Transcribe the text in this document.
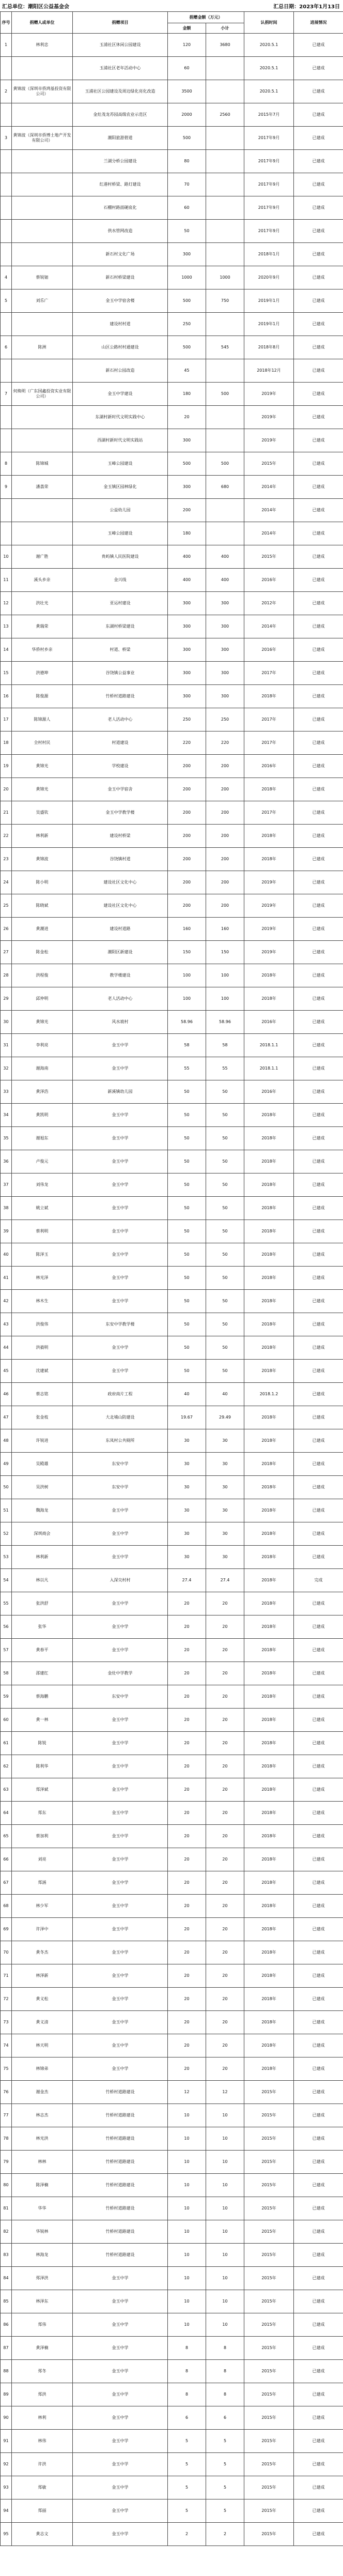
汇总单位：潮阳区公益基金会	汇总日期：2023年1月13日
序号	捐赠人或单位	捐赠项目	捐赠金额（万元）		认捐时间	进展情况
			金额	小计		
1	林利忠	玉浦社区休闲公园建设	120	3680	2020.5.1	已建成
		玉浦社区老年活动中心	60		2020.5.1	已建成
2	黄锦波（深圳市侨鸿基投资有限公司）	玉浦社区公园建设及周边绿化亮化改造	3500		2020.5.1	已建成
		金灶茂龙苏园高级农业示范区	2000	2560	2015年7月	已建成
3	黄锦波（深圳市侨博土地产开发有限公司）	潮阳旅游碧道	500		2017年9月	已建成
		兰湖分桥公园建设	80		2017年9月	已建成
		红港村桥梁、路灯建设	70		2017年9月	已建成
		石棚村路面硬底化	60		2017年9月	已建成
		供水管网改造	50		2017年9月	已建成
		新石村文化广场	300		2018年1月	已建成
4	蔡锐钿	新石村桥梁建设	1000	1000	2020年9月	已建成
5	刘乐广	金玉中学宿舍楼	500	750	2019年1月	已建成
		建设村村道	250		2019年1月	已建成
6	陈洲	山区公路村村通建设	500	545	2018年8月	已建成
		新石村公园改造	45		2018年12月	已建成
7	何焕明（广东国鑫投资实业有限公司）	金玉中学建设	180	500	2019年	已建成
		东湖村新时代文明实践中心	20		2019年	已建成
		西湖村新时代文明实践站	300		2019年	已建成
8	陈锦城	玉峰公园建设	500	500	2015年	已建成
9	潘荔荣	金玉镇区园林绿化	300	680	2014年	已建成
		公益幼儿园	200		2014年	已建成
		玉峰公园建设	180		2014年	已建成
10	谢广胜	贵屿镇人民医院建设	400	400	2015年	已建成
11	溪头乡亲	金兴线	400	400	2016年	已建成
12	洪壮光	亚运村建设	300	300	2012年	已建成
13	黄瑞荣	东湖村桥梁建设	300	300	2014年	已建成
14	华侨村乡亲	村道、桥梁	300	300	2016年	已建成
15	洪德坤	谷饶镇公益事业	300	300	2017年	已建成
16	陈俊源	竹桥村道路建设	300	300	2018年	已建成
17	陈锦源人	老人活动中心	250	250	2017年	已建成
18	全村村民	村道建设	220	220	2017年	已建成
19	黄锦光	学校建设	200	200	2016年	已建成
20	黄锦光	金玉中学宿舍	200	200	2018年	已建成
21	吴盛钦	金玉中学教学楼	200	200	2017年	已建成
22	林利新	建设村桥梁	200	200	2018年	已建成
23	黄锦波	谷饶镇村道	200	200	2018年	已建成
24	陈小明	建设社区文化中心	200	200	2019年	已建成
25	陈晓斌	建设社区文化中心	200	200	2019年	已建成
26	黄潮进	建设村道路	160	160	2019年	已建成
27	陈金松	潮阳区新建设	150	150	2019年	已建成
28	洪程俊	教学楼建设	100	100	2018年	已建成
29	邱仲明	老人活动中心	100	100	2018年	已建成
30	黄锦光	风水坡村	58.96	58.96	2016年	已建成
31	李利亮	金玉中学	58	58	2018.1.1	已建成
32	谢海南	金玉中学	55	55	2018.1.1	已建成
33	黄泽浩	新溪镇幼儿园	50	50	2016年	已建成
34	黄凯明	金玉中学	50	50	2018年	已建成
35	谢旭东	金玉中学	50	50	2018年	已建成
36	卢俊元	金玉中学	50	50	2018年	已建成
37	刘伟龙	金玉中学	50	50	2018年	已建成
38	姚立斌	金玉中学	50	50	2018年	已建成
39	蔡利明	金玉中学	50	50	2018年	已建成
40	陈泽玉	金玉中学	50	50	2018年	已建成
41	林光泽	金玉中学	50	50	2018年	已建成
42	林木生	金玉中学	50	50	2018年	已建成
43	洪俊伟	东安中学教学楼	50	50	2018年	已建成
44	洪毅明	金玉中学	50	50	2018年	已建成
45	沈建斌	金玉中学	50	50	2018年	已建成
46	蔡志铭	政府南片工程	40	40	2018.1.2	已建成
47	张金枝	大北埔山防建设	19.67	29.49	2018年	已建成
48	许锐进	东凤村公共厕所	30	30	2018年	已建成
49	吴殿雄	东安中学	30	30	2018年	已建成
50	吴洪树	东安中学	30	30	2018年	已建成
51	魏海龙	金玉中学	30	30	2018年	已建成
52	深圳商会	金玉中学	30	30	2018年	已建成
53	林利新	金玉中学	30	30	2018年	已建成
54	林以凡	入深尖村村	27.4	27.4	2018年	完成
55	张洪舒	金玉中学	20	20	2018年	已建成
56	张华	金玉中学	20	20	2018年	已建成
57	黄春平	金玉中学	20	20	2018年	已建成
58	邵建红	金灶中学教学	20	20	2018年	已建成
59	蔡海鹏	东安中学	20	20	2018年	已建成
60	黄一林	金玉中学	20	20	2018年	已建成
61	陈锐	金玉中学	20	20	2018年	已建成
62	陈利华	金玉中学	20	20	2018年	已建成
63	郑泽斌	金玉中学	20	20	2018年	已建成
64	郑东	金玉中学	20	20	2018年	已建成
65	蔡加利	金玉中学	20	20	2018年	已建成
66	刘亮	金玉中学	20	20	2018年	已建成
67	郑涵	金玉中学	20	20	2018年	已建成
68	林少军	金玉中学	20	20	2018年	已建成
69	许泽中	金玉中学	20	20	2018年	已建成
70	黄冬杰	金玉中学	20	20	2018年	已建成
71	林泽新	金玉中学	20	20	2018年	已建成
72	黄义松	金玉中学	20	20	2018年	已建成
73	黄义清	金玉中学	20	20	2018年	已建成
74	林天明	金玉中学	20	20	2018年	已建成
75	林锦弟	金玉中学	20	20	2018年	已建成
76	谢金杰	竹桥村道路建设	12	12	2015年	已建成
77	林志杰	竹桥村道路建设	10	10	2015年	已建成
78	林光洪	竹桥村道路建设	10	10	2015年	已建成
79	林林	竹桥村道路建设	10	10	2015年	已建成
80	陈泽楠	竹桥村道路建设	10	10	2015年	已建成
81	华华	竹桥村道路建设	10	10	2015年	已建成
82	华锐林	竹桥村道路建设	10	10	2015年	已建成
83	林海龙	竹桥村道路建设	10	10	2015年	已建成
84	郑泽洪	金玉中学	10	10	2015年	已建成
85	林泽东	金玉中学	10	10	2015年	已建成
86	郑伟	金玉中学	10	10	2015年	已建成
87	黄泽楠	金玉中学	8	8	2015年	已建成
88	郑冬	金玉中学	8	8	2015年	已建成
89	郑洪	金玉中学	8	8	2015年	已建成
90	林利	金玉中学	6	6	2015年	已建成
91	林伟	金玉中学	5	5	2015年	已建成
92	许洪	金玉中学	5	5	2015年	已建成
93	郑敏	金玉中学	5	5	2015年	已建成
94	郑丽	金玉中学	5	5	2015年	已建成
95	黄志文	金玉中学	2	2	2015年	已建成
